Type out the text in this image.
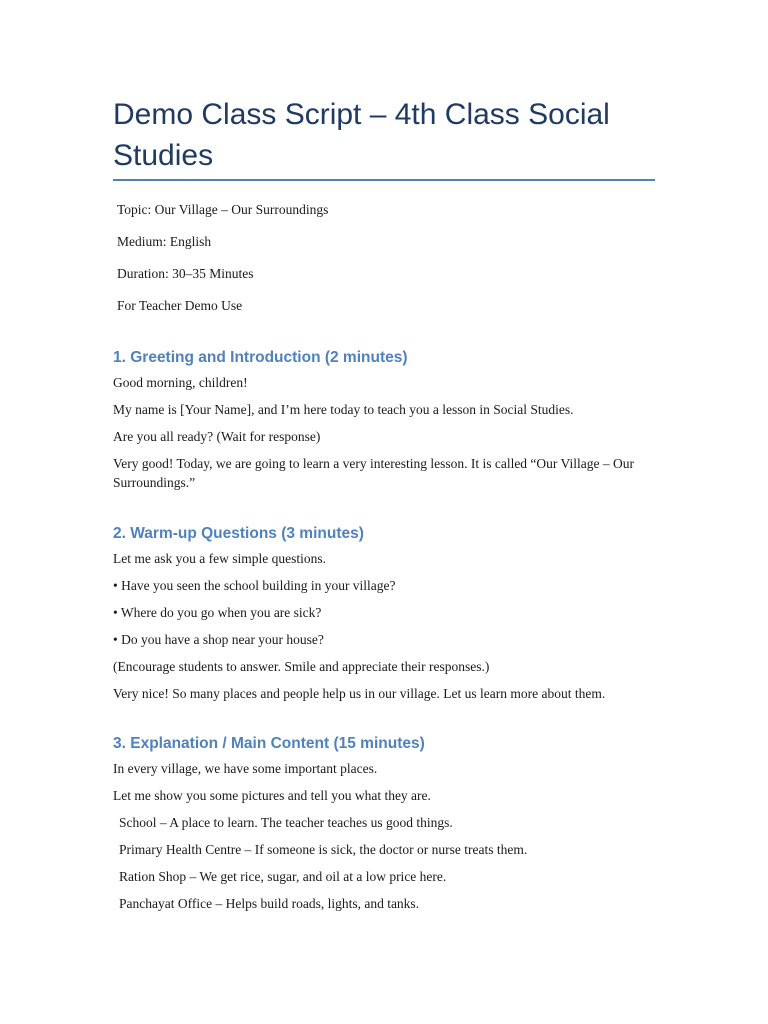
Demo Class Script – 4th Class Social Studies

Topic: Our Village – Our Surroundings

Medium: English

Duration: 30–35 Minutes

For Teacher Demo Use

1. Greeting and Introduction (2 minutes)

Good morning, children!

My name is [Your Name], and I’m here today to teach you a lesson in Social Studies.

Are you all ready? (Wait for response)

Very good! Today, we are going to learn a very interesting lesson. It is called “Our Village – Our Surroundings.”

2. Warm-up Questions (3 minutes)

Let me ask you a few simple questions.

• Have you seen the school building in your village?

• Where do you go when you are sick?

• Do you have a shop near your house?

(Encourage students to answer. Smile and appreciate their responses.)

Very nice! So many places and people help us in our village. Let us learn more about them.

3. Explanation / Main Content (15 minutes)

In every village, we have some important places.

Let me show you some pictures and tell you what they are.

School – A place to learn. The teacher teaches us good things.

Primary Health Centre – If someone is sick, the doctor or nurse treats them.

Ration Shop – We get rice, sugar, and oil at a low price here.

Panchayat Office – Helps build roads, lights, and tanks.
